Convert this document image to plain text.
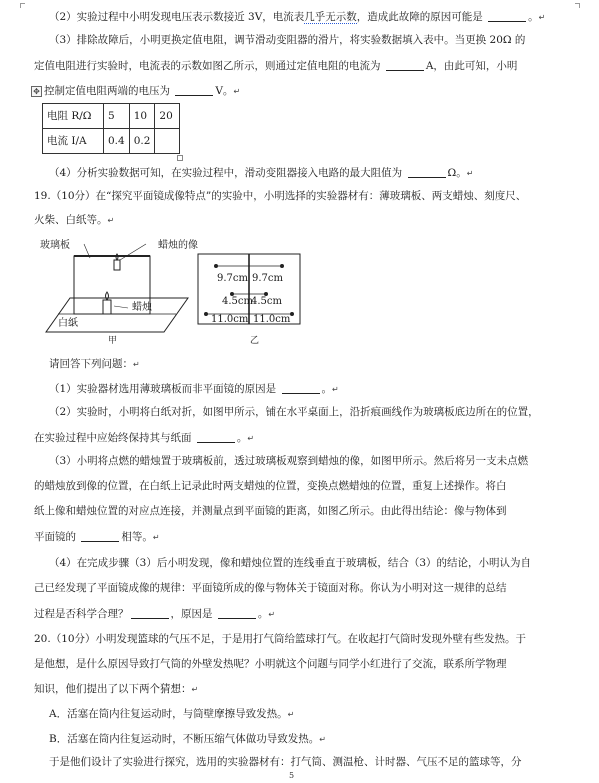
（2）实验过程中小明发现电压表示数接近 3V，电流表几乎无示数，造成此故障的原因可能是	。↵
（3）排除故障后，小明更换定值电阻，调节滑动变阻器的滑片，将实验数据填入表中。当更换 20Ω 的
定值电阻进行实验时，电流表的示数如图乙所示，则通过定值电阻的电流为	A，由此可知，小明
✥ 控制定值电阻两端的电压为	V。↵
电阻 R/Ω	5	10	20
电流 I/A	0.4	0.2	
（4）分析实验数据可知，在实验过程中，滑动变阻器接入电路的最大阻值为	Ω。↵
19.（10分）在“探究平面镜成像特点”的实验中，小明选择的实验器材有：薄玻璃板、两支蜡烛、刻度尺、
火柴、白纸等。↵
玻璃板	蜡烛的像
蜡烛
白纸
甲
9.7cm 9.7cm
4.5cm
4.5cm
11.0cm 11.0cm
乙
请回答下列问题：↵
（1）实验器材选用薄玻璃板而非平面镜的原因是	。↵
（2）实验时，小明将白纸对折，如图甲所示，铺在水平桌面上，沿折痕画线作为玻璃板底边所在的位置，
在实验过程中应始终保持其与纸面	。↵
（3）小明将点燃的蜡烛置于玻璃板前，透过玻璃板观察到蜡烛的像，如图甲所示。然后将另一支未点燃
的蜡烛放到像的位置，在白纸上记录此时两支蜡烛的位置，变换点燃蜡烛的位置，重复上述操作。将白
纸上像和蜡烛位置的对应点连接，并测量点到平面镜的距离，如图乙所示。由此得出结论：像与物体到
平面镜的	相等。↵
（4）在完成步骤（3）后小明发现，像和蜡烛位置的连线垂直于玻璃板，结合（3）的结论，小明认为自
己已经发现了平面镜成像的规律：平面镜所成的像与物体关于镜面对称。你认为小明对这一规律的总结
过程是否科学合理？	，原因是	。↵
20.（10分）小明发现篮球的气压不足，于是用打气筒给篮球打气。在收起打气筒时发现外壁有些发热。于
是他想，是什么原因导致打气筒的外壁发热呢？小明就这个问题与同学小红进行了交流，联系所学物理
知识，他们提出了以下两个猜想：↵
A．活塞在筒内往复运动时，与筒壁摩擦导致发热。↵
B．活塞在筒内往复运动时，不断压缩气体做功导致发热。↵
于是他们设计了实验进行探究，选用的实验器材有：打气筒、测温枪、计时器、气压不足的篮球等，分
5
